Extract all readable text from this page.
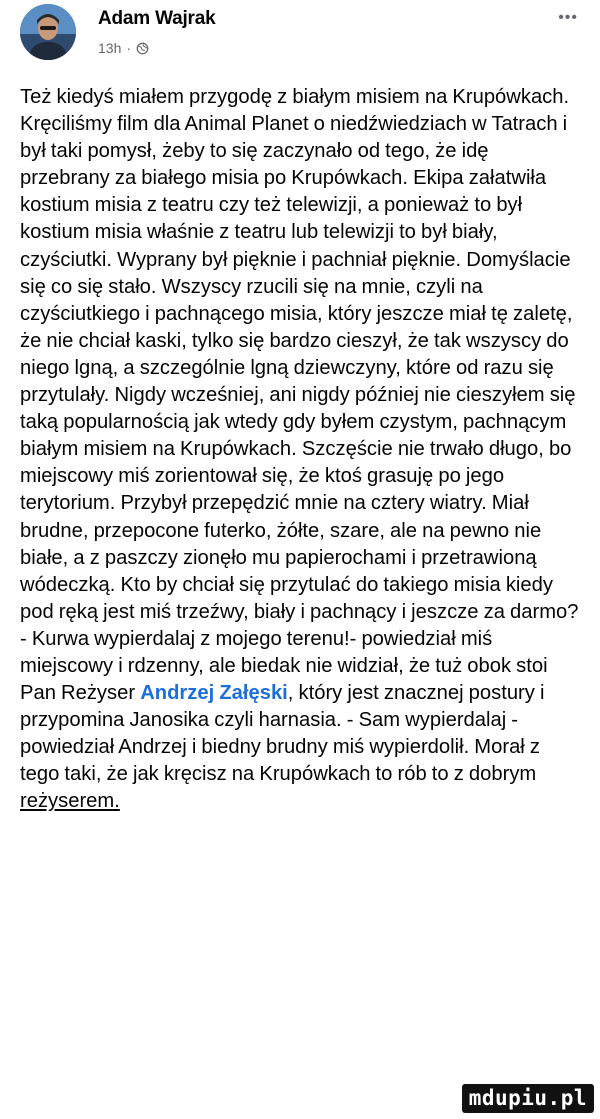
Adam Wajrak
13h ·
•••

Też kiedyś miałem przygodę z białym misiem na Krupówkach. Kręciliśmy film dla Animal Planet o niedźwiedziach w Tatrach i był taki pomysł, żeby to się zaczynało od tego, że idę przebrany za białego misia po Krupówkach. Ekipa załatwiła kostium misia z teatru czy też telewizji, a ponieważ to był kostium misia właśnie z teatru lub telewizji to był biały, czyściutki. Wyprany był pięknie i pachniał pięknie. Domyślacie się co się stało. Wszyscy rzucili się na mnie, czyli na czyściutkiego i pachnącego misia, który jeszcze miał tę zaletę, że nie chciał kaski, tylko się bardzo cieszył, że tak wszyscy do niego lgną, a szczególnie lgną dziewczyny, które od razu się przytulały. Nigdy wcześniej, ani nigdy później nie cieszyłem się taką popularnością jak wtedy gdy byłem czystym, pachnącym białym misiem na Krupówkach. Szczęście nie trwało długo, bo miejscowy miś zorientował się, że ktoś grasuję po jego terytorium. Przybył przepędzić mnie na cztery wiatry. Miał brudne, przepocone futerko, żółte, szare, ale na pewno nie białe, a z paszczy zionęło mu papierochami i przetrawioną wódeczką. Kto by chciał się przytulać do takiego misia kiedy pod ręką jest miś trzeźwy, biały i pachnący i jeszcze za darmo? - Kurwa wypierdalaj z mojego terenu!- powiedział miś miejscowy i rdzenny, ale biedak nie widział, że tuż obok stoi Pan Reżyser Andrzej Załęski, który jest znacznej postury i przypomina Janosika czyli harnasia. - Sam wypierdalaj - powiedział Andrzej i biedny brudny miś wypierdolił. Morał z tego taki, że jak kręcisz na Krupówkach to rób to z dobrym reżyserem.

mdupiu.pl
